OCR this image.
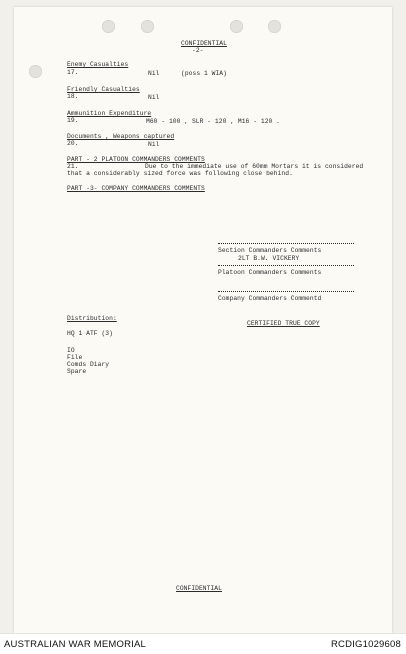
CONFIDENTIAL
-2-
Enemy Casualties
17.	Nil	(poss 1 WIA)
Friendly Casualties
18.	Nil
Ammunition Expenditure
19.	M60 - 100 , SLR - 120 , M16 - 120 .
Documents , Weapons captured
20.	Nil
PART - 2 PLATOON COMMANDERS COMMENTS
21.	Due to the immediate use of 60mm Mortars it is considered
that a considerably sized force was following close behind.
PART -3- COMPANY COMMANDERS COMMENTS
Section Commanders Comments
2LT B.W. VICKERY
Platoon Commanders Comments
Company Commanders Commentd
Distribution:
CERTIFIED TRUE COPY
HQ 1 ATF (3)
IO
File
Comds Diary
Spare
CONFIDENTIAL
AUSTRALIAN WAR MEMORIAL	RCDIG1029608
